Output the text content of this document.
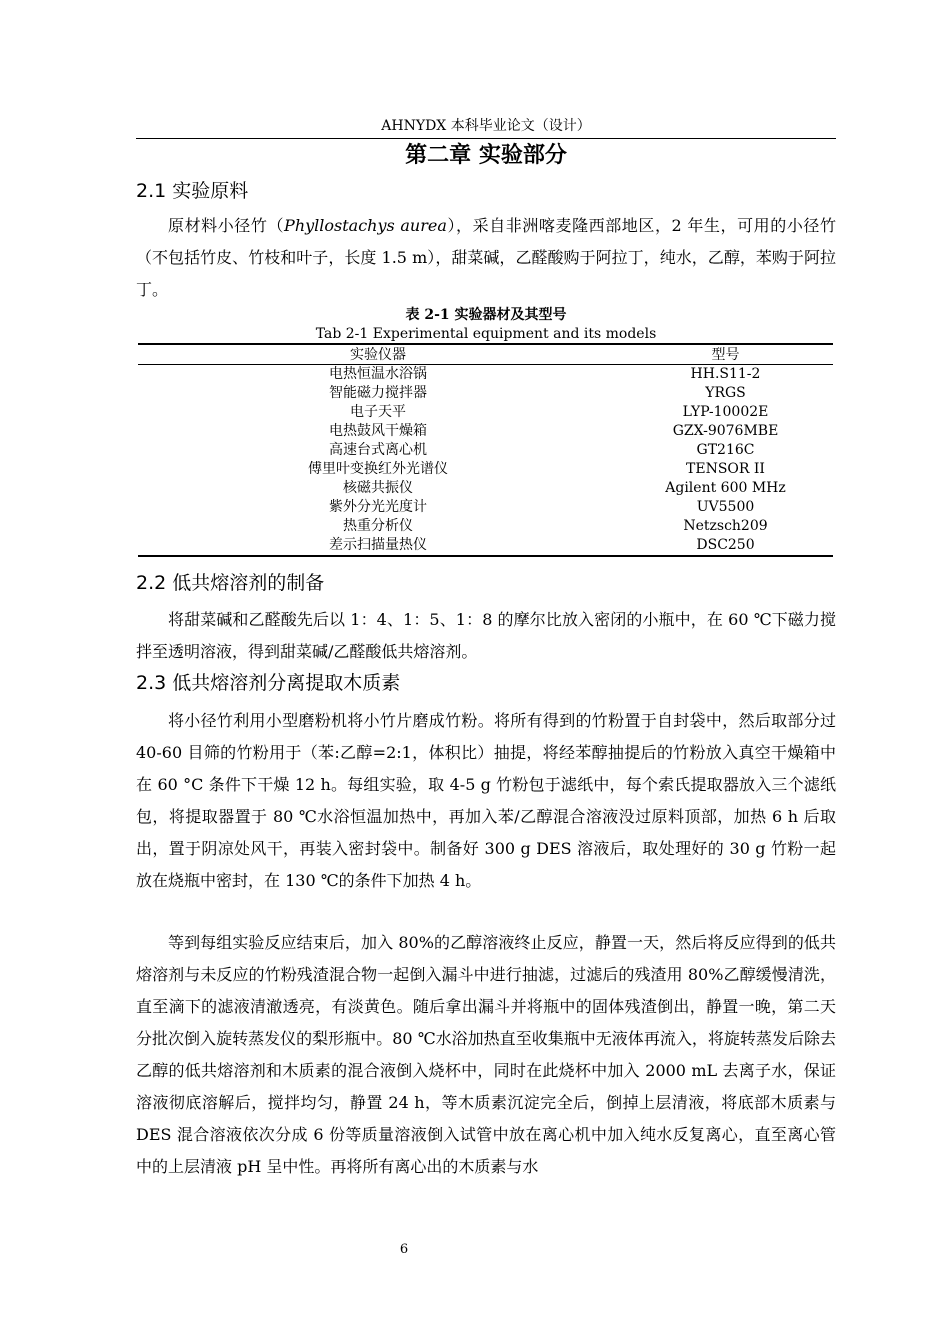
AHNYDX 本科毕业论文（设计）
第二章 实验部分
2.1 实验原料

原材料小径竹（Phyllostachys aurea），采自非洲喀麦隆西部地区，2 年生，可用的小径竹（不包括竹皮、竹枝和叶子，长度 1.5 m），甜菜碱，乙醛酸购于阿拉丁，纯水，乙醇，苯购于阿拉丁。

表 2-1 实验器材及其型号
Tab 2-1 Experimental equipment and its models
实验仪器	型号
电热恒温水浴锅	HH.S11-2
智能磁力搅拌器	YRGS
电子天平	LYP-10002E
电热鼓风干燥箱	GZX-9076MBE
高速台式离心机	GT216C
傅里叶变换红外光谱仪	TENSOR II
核磁共振仪	Agilent 600 MHz
紫外分光光度计	UV5500
热重分析仪	Netzsch209
差示扫描量热仪	DSC250
2.2 低共熔溶剂的制备

将甜菜碱和乙醛酸先后以 1：4、1：5、1：8 的摩尔比放入密闭的小瓶中，在 60 ℃下磁力搅拌至透明溶液，得到甜菜碱/乙醛酸低共熔溶剂。

2.3 低共熔溶剂分离提取木质素

将小径竹利用小型磨粉机将小竹片磨成竹粉。将所有得到的竹粉置于自封袋中，然后取部分过 40-60 目筛的竹粉用于（苯:乙醇=2:1，体积比）抽提，将经苯醇抽提后的竹粉放入真空干燥箱中在 60 °C 条件下干燥 12 h。每组实验，取 4-5 g 竹粉包于滤纸中，每个索氏提取器放入三个滤纸包，将提取器置于 80 ℃水浴恒温加热中，再加入苯/乙醇混合溶液没过原料顶部，加热 6 h 后取出，置于阴凉处风干，再装入密封袋中。制备好 300 g DES 溶液后，取处理好的 30 g 竹粉一起放在烧瓶中密封，在 130 ℃的条件下加热 4 h。

等到每组实验反应结束后，加入 80%的乙醇溶液终止反应，静置一天，然后将反应得到的低共熔溶剂与未反应的竹粉残渣混合物一起倒入漏斗中进行抽滤，过滤后的残渣用 80%乙醇缓慢清洗，直至滴下的滤液清澈透亮，有淡黄色。随后拿出漏斗并将瓶中的固体残渣倒出，静置一晚，第二天分批次倒入旋转蒸发仪的梨形瓶中。80 ℃水浴加热直至收集瓶中无液体再流入，将旋转蒸发后除去乙醇的低共熔溶剂和木质素的混合液倒入烧杯中，同时在此烧杯中加入 2000 mL 去离子水，保证溶液彻底溶解后，搅拌均匀，静置 24 h，等木质素沉淀完全后，倒掉上层清液，将底部木质素与 DES 混合溶液依次分成 6 份等质量溶液倒入试管中放在离心机中加入纯水反复离心，直至离心管中的上层清液 pH 呈中性。再将所有离心出的木质素与水

6
